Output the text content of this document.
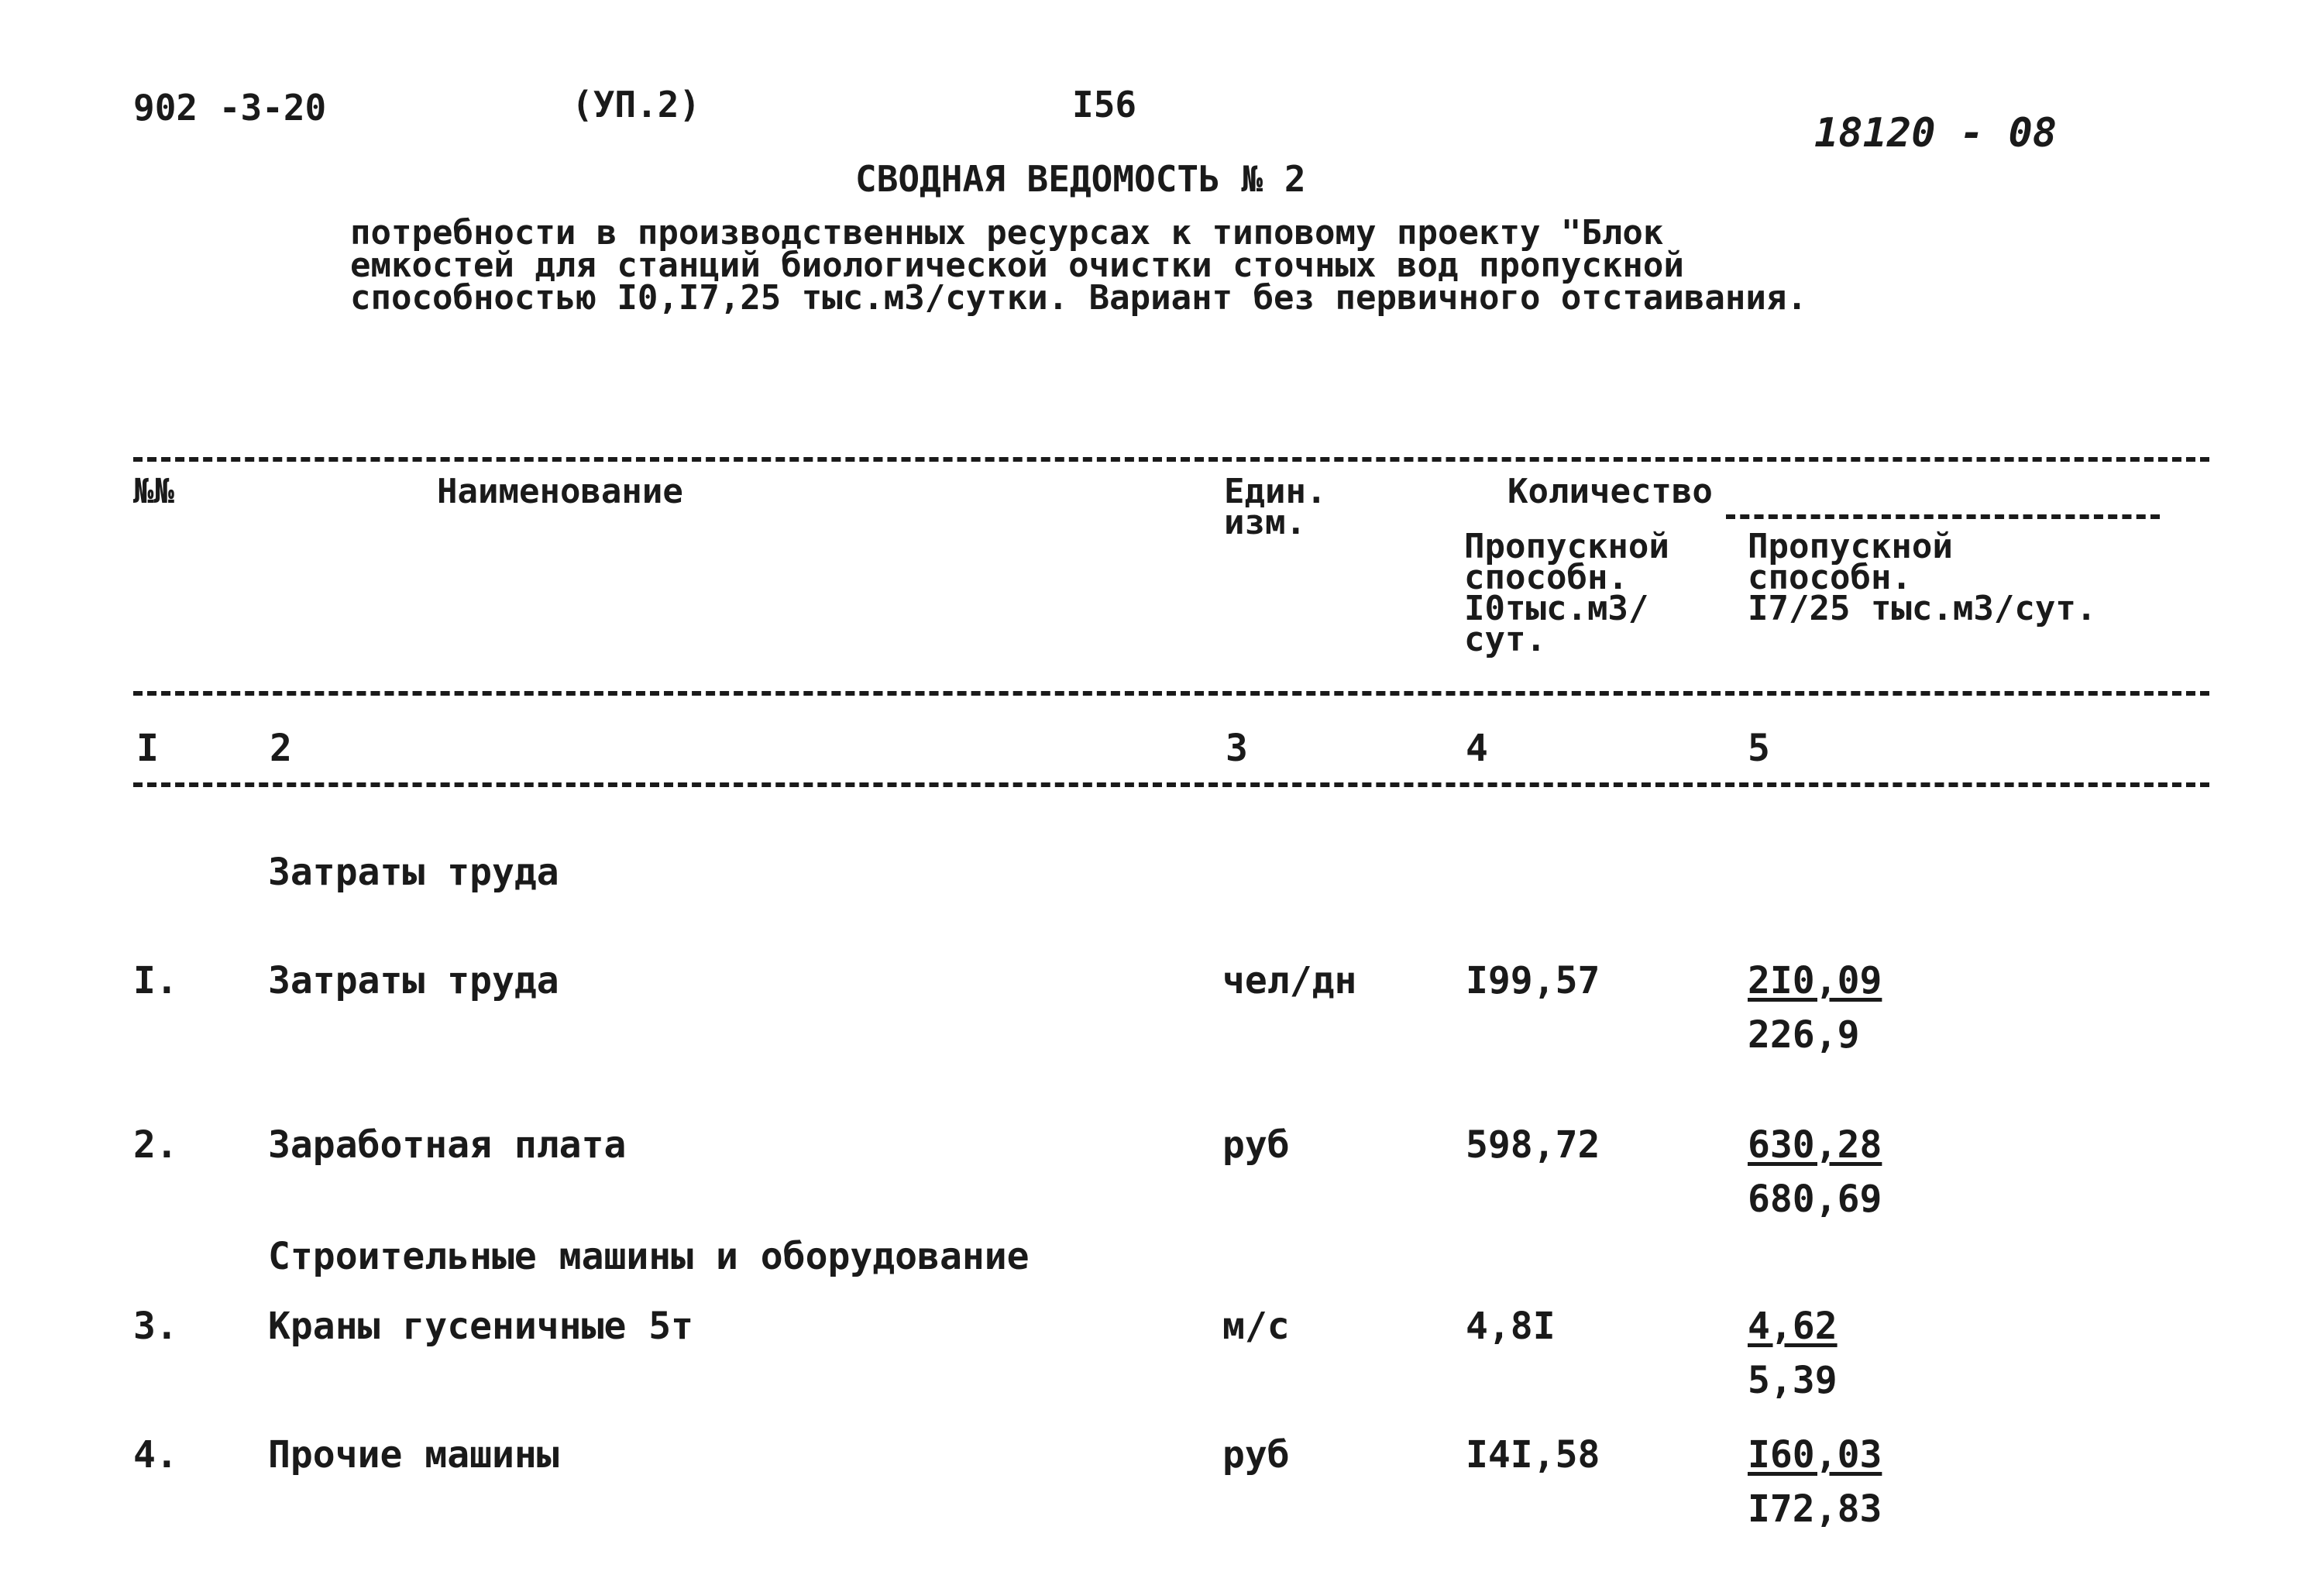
902 -3-20	(УП.2)	I56
18120 - 08
СВОДНАЯ ВЕДОМОСТЬ № 2
потребности в производственных ресурсах к типовому проекту "Блок
емкостей для станций биологической очистки сточных вод пропускной
способностью I0,I7,25 тыс.м3/сутки. Вариант без первичного отстаивания.
№№	Наименование	Един.
изм.
Количество
Пропускной
способн.
I0тыс.м3/
сут.
Пропускной
способн.
I7/25 тыс.м3/сут.
I	2	3	4	5
Затраты труда
I. Затраты труда	чел/дн	I99,57	2I0,09
226,9
2. Заработная плата	руб	598,72	630,28
680,69
Строительные машины и оборудование
3. Краны гусеничные 5т	м/с	4,8I	4,62
5,39
4. Прочие машины	руб	I4I,58	I60,03
I72,83
